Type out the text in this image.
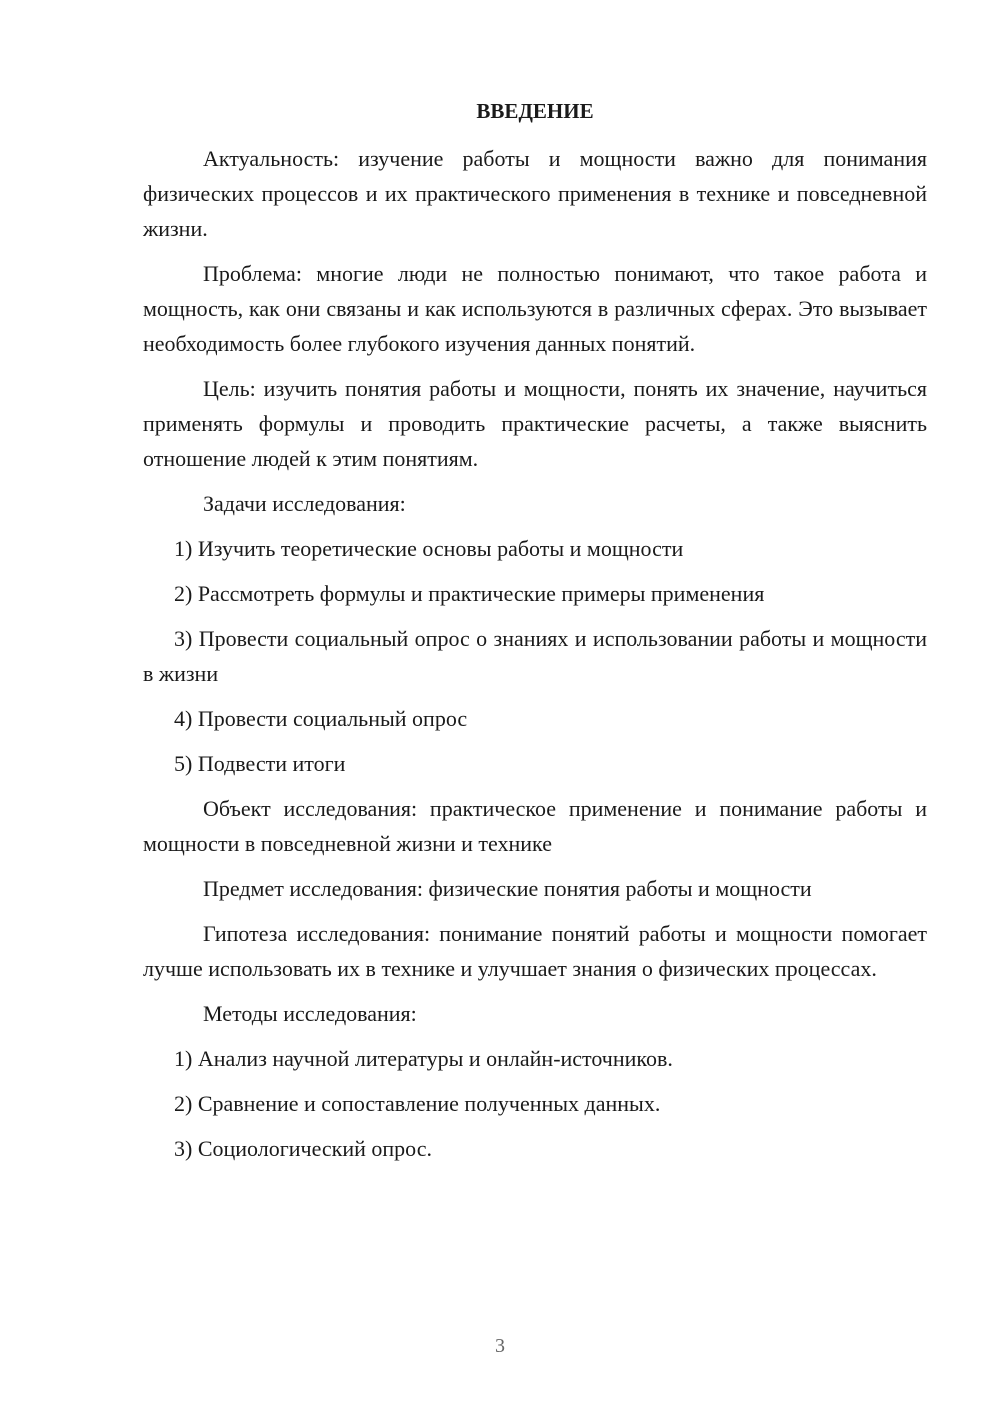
ВВЕДЕНИЕ

Актуальность: изучение работы и мощности важно для понимания физических процессов и их практического применения в технике и повседневной жизни.

Проблема: многие люди не полностью понимают, что такое работа и мощность, как они связаны и как используются в различных сферах. Это вызывает необходимость более глубокого изучения данных понятий.

Цель: изучить понятия работы и мощности, понять их значение, научиться применять формулы и проводить практические расчеты, а также выяснить отношение людей к этим понятиям.

Задачи исследования:

1) Изучить теоретические основы работы и мощности

2) Рассмотреть формулы и практические примеры применения

3) Провести социальный опрос о знаниях и использовании работы и мощности в жизни

4) Провести социальный опрос

5) Подвести итоги

Объект исследования: практическое применение и понимание работы и мощности в повседневной жизни и технике

Предмет исследования: физические понятия работы и мощности

Гипотеза исследования: понимание понятий работы и мощности помогает лучше использовать их в технике и улучшает знания о физических процессах.

Методы исследования:

1) Анализ научной литературы и онлайн-источников.

2) Сравнение и сопоставление полученных данных.

3) Социологический опрос.

3
